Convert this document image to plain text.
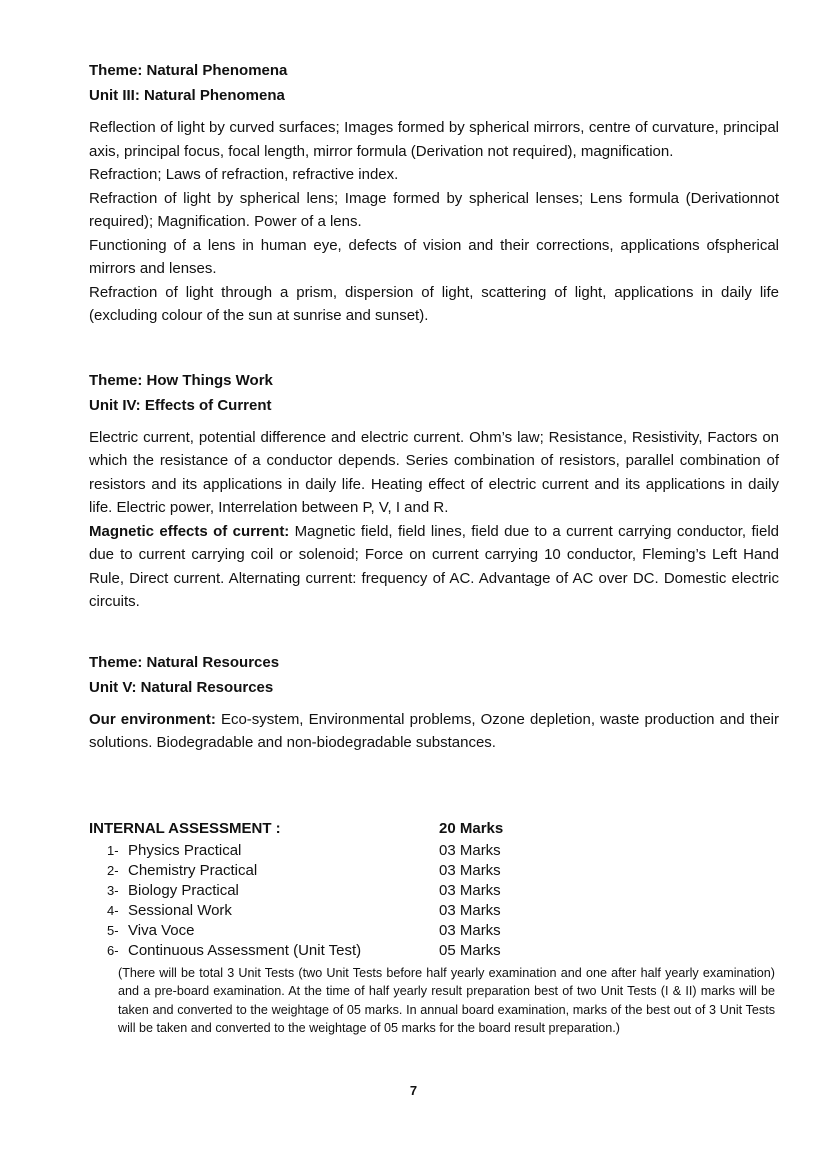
Theme: Natural Phenomena

Unit III: Natural Phenomena

Reflection of light by curved surfaces; Images formed by spherical mirrors, centre of curvature, principal axis, principal focus, focal length, mirror formula (Derivation not required), magnification.

Refraction; Laws of refraction, refractive index.

Refraction of light by spherical lens; Image formed by spherical lenses; Lens formula (Derivationnot required); Magnification. Power of a lens.

Functioning of a lens in human eye, defects of vision and their corrections, applications ofspherical mirrors and lenses.

Refraction of light through a prism, dispersion of light, scattering of light, applications in daily life (excluding colour of the sun at sunrise and sunset).

Theme: How Things Work

Unit IV: Effects of Current

Electric current, potential difference and electric current. Ohm’s law; Resistance, Resistivity, Factors on which the resistance of a conductor depends. Series combination of resistors, parallel combination of resistors and its applications in daily life. Heating effect of electric current and its applications in daily life. Electric power, Interrelation between P, V, I and R.

Magnetic effects of current: Magnetic field, field lines, field due to a current carrying conductor, field due to current carrying coil or solenoid; Force on current carrying 10 conductor, Fleming’s Left Hand Rule, Direct current. Alternating current: frequency of AC. Advantage of AC over DC. Domestic electric circuits.

Theme: Natural Resources

Unit V: Natural Resources

Our environment: Eco-system, Environmental problems, Ozone depletion, waste production and their solutions. Biodegradable and non-biodegradable substances.

INTERNAL ASSESSMENT :	20 Marks
1- Physics Practical	03 Marks
2- Chemistry Practical	03 Marks
3- Biology Practical	03 Marks
4- Sessional Work	03 Marks
5- Viva Voce	03 Marks
6- Continuous Assessment (Unit Test)	05 Marks

(There will be total 3 Unit Tests (two Unit Tests before half yearly examination and one after half yearly examination) and a pre-board examination. At the time of half yearly result preparation best of two Unit Tests (I & II) marks will be taken and converted to the weightage of 05 marks. In annual board examination, marks of the best out of 3 Unit Tests will be taken and converted to the weightage of 05 marks for the board result preparation.)

7
